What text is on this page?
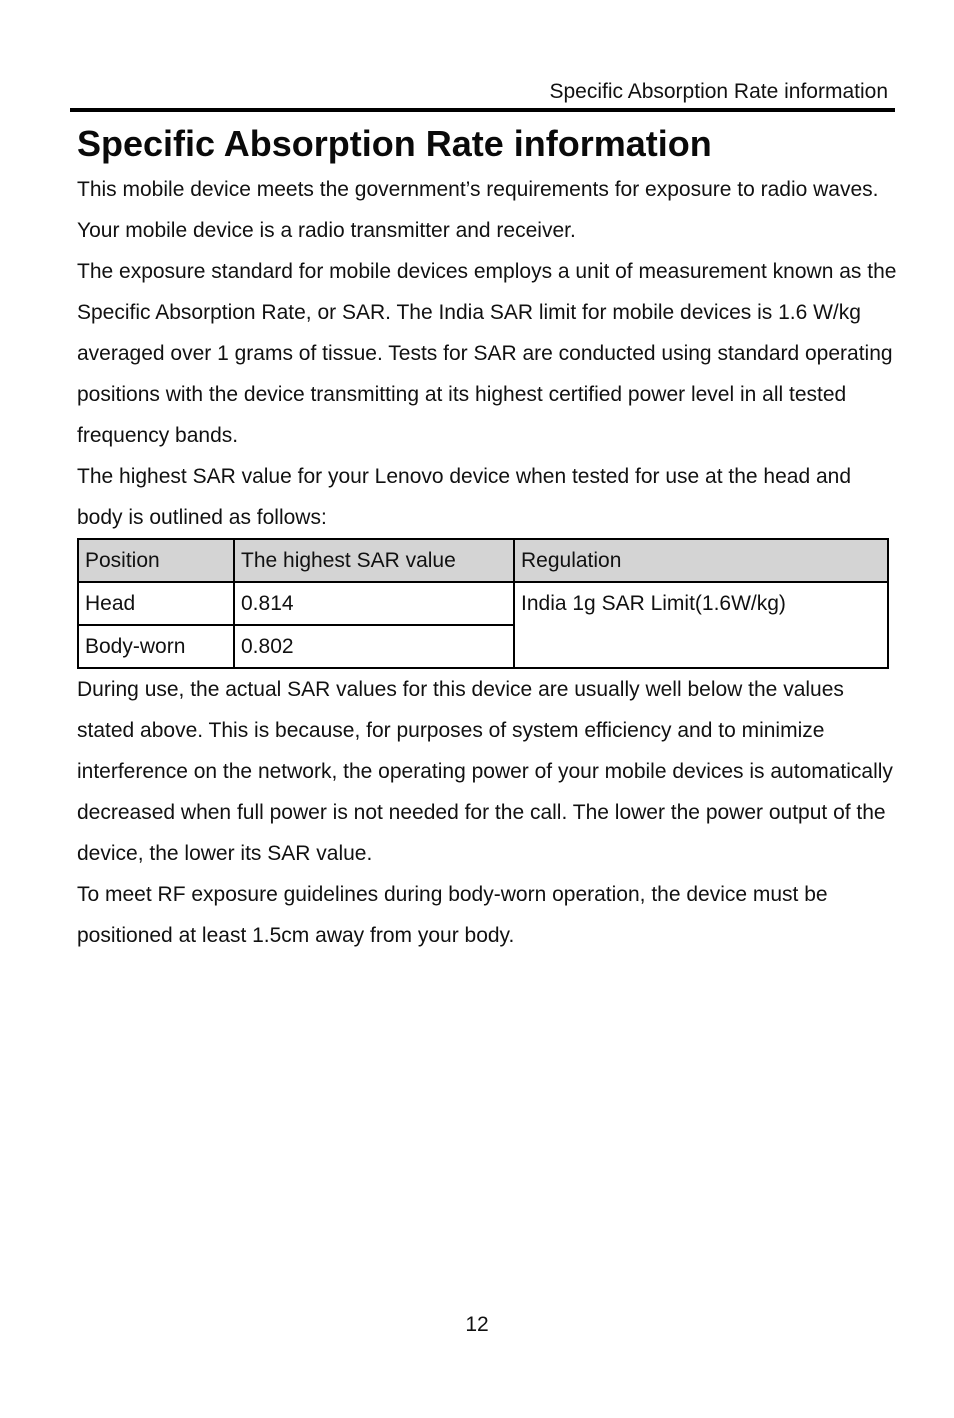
Specific Absorption Rate information
Specific Absorption Rate information

This mobile device meets the government’s requirements for exposure to radio waves.

Your mobile device is a radio transmitter and receiver.

The exposure standard for mobile devices employs a unit of measurement known as the Specific Absorption Rate, or SAR. The India SAR limit for mobile devices is 1.6 W/kg averaged over 1 grams of tissue. Tests for SAR are conducted using standard operating positions with the device transmitting at its highest certified power level in all tested frequency bands.

The highest SAR value for your Lenovo device when tested for use at the head and body is outlined as follows:

Position	The highest SAR value	Regulation
Head	0.814	India 1g SAR Limit(1.6W/kg)
Body-worn	0.802	

During use, the actual SAR values for this device are usually well below the values stated above. This is because, for purposes of system efficiency and to minimize interference on the network, the operating power of your mobile devices is automatically decreased when full power is not needed for the call. The lower the power output of the device, the lower its SAR value.

To meet RF exposure guidelines during body-worn operation, the device must be positioned at least 1.5cm away from your body.

12
